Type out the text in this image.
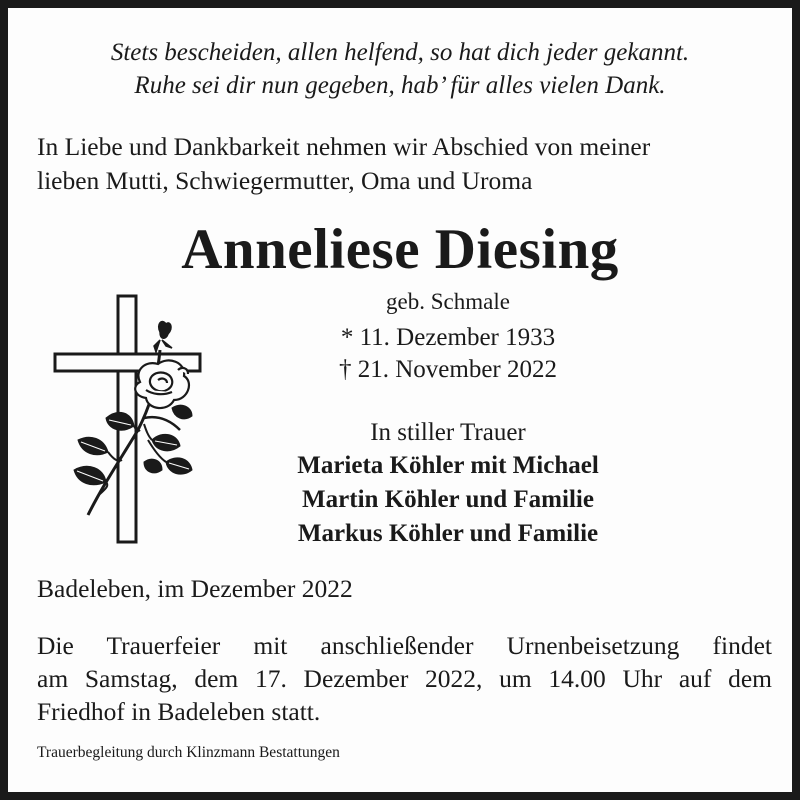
Stets bescheiden, allen helfend, so hat dich jeder gekannt.

Ruhe sei dir nun gegeben, hab’ für alles vielen Dank.

In Liebe und Dankbarkeit nehmen wir Abschied von meiner

lieben Mutti, Schwiegermutter, Oma und Uroma

Anneliese Diesing

geb. Schmale

* 11. Dezember 1933

† 21. November 2022

In stiller Trauer

Marieta Köhler mit Michael

Martin Köhler und Familie

Markus Köhler und Familie

Badeleben, im Dezember 2022

Die Trauerfeier mit anschließender Urnenbeisetzung findet

am Samstag, dem 17. Dezember 2022, um 14.00 Uhr auf dem

Friedhof in Badeleben statt.

Trauerbegleitung durch Klinzmann Bestattungen
